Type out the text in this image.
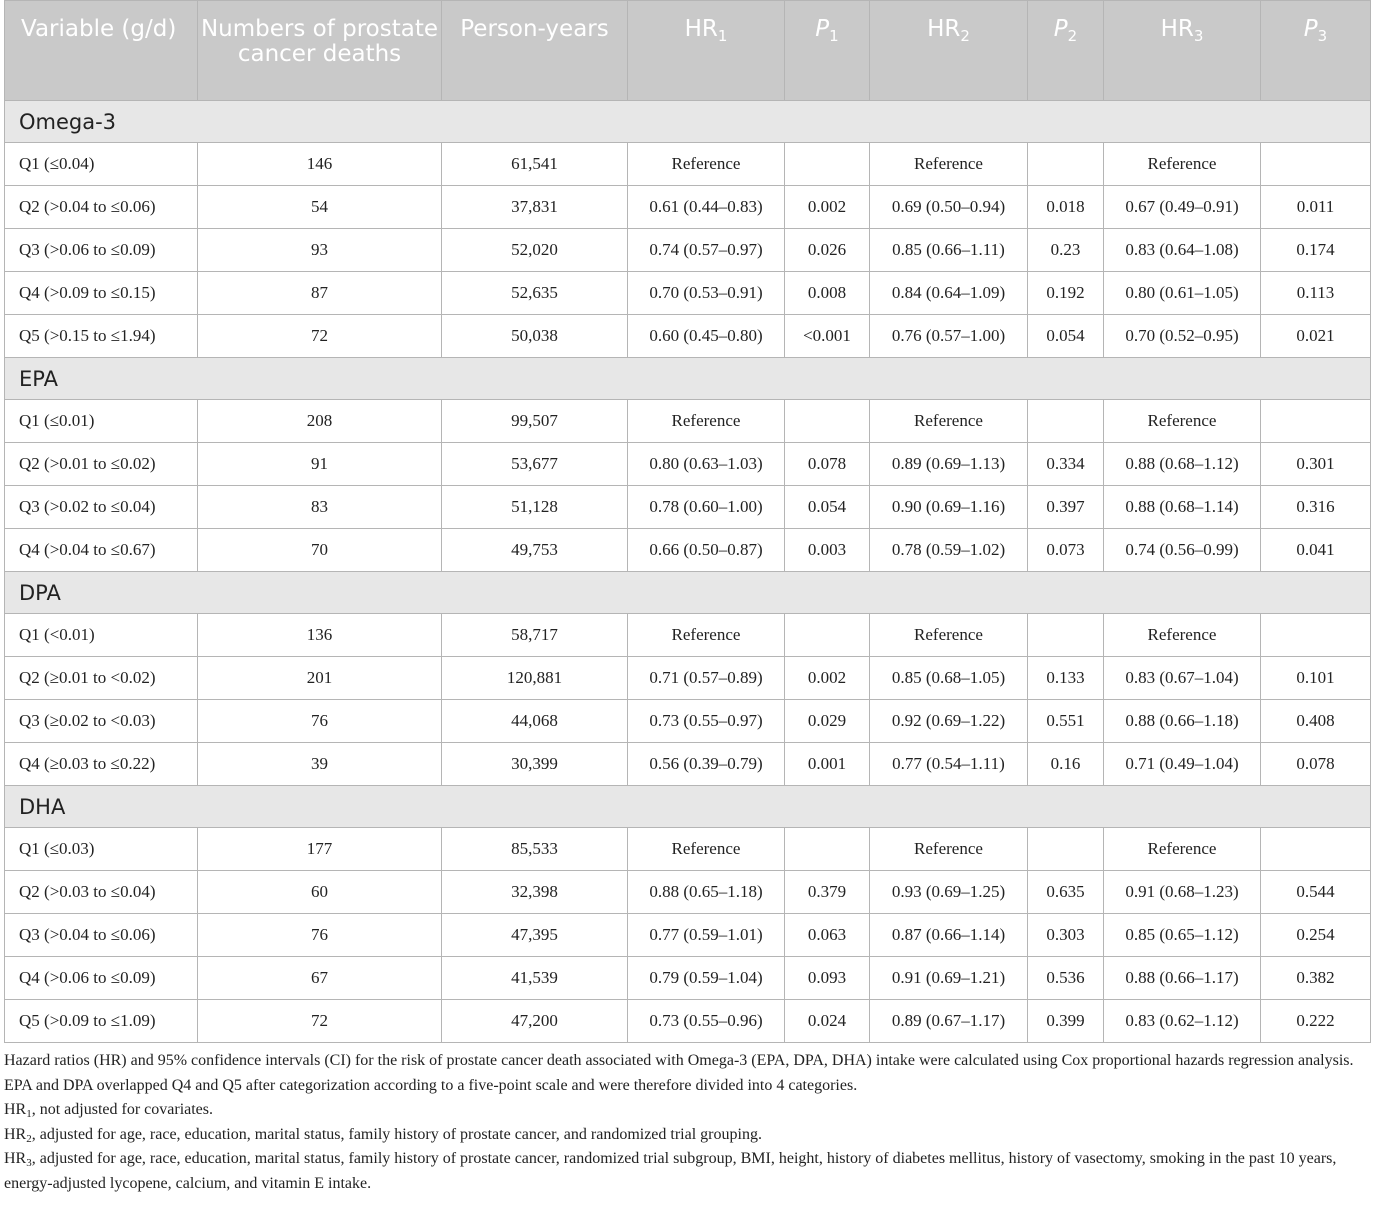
Variable (g/d)	Numbers of prostate cancer deaths	Person-years	$HR_1$	$P_1$	$HR_2$	$P_2$	$HR_3$	$P_3$
Omega-3								
Q1 (≤0.04)	146	61,541	Reference		Reference		Reference	
Q2 (>0.04 to ≤0.06)	54	37,831	0.61 (0.44–0.83)	0.002	0.69 (0.50–0.94)	0.018	0.67 (0.49–0.91)	0.011
Q3 (>0.06 to ≤0.09)	93	52,020	0.74 (0.57–0.97)	0.026	0.85 (0.66–1.11)	0.23	0.83 (0.64–1.08)	0.174
Q4 (>0.09 to ≤0.15)	87	52,635	0.70 (0.53–0.91)	0.008	0.84 (0.64–1.09)	0.192	0.80 (0.61–1.05)	0.113
Q5 (>0.15 to ≤1.94)	72	50,038	0.60 (0.45–0.80)	<0.001	0.76 (0.57–1.00)	0.054	0.70 (0.52–0.95)	0.021
EPA								
Q1 (≤0.01)	208	99,507	Reference		Reference		Reference	
Q2 (>0.01 to ≤0.02)	91	53,677	0.80 (0.63–1.03)	0.078	0.89 (0.69–1.13)	0.334	0.88 (0.68–1.12)	0.301
Q3 (>0.02 to ≤0.04)	83	51,128	0.78 (0.60–1.00)	0.054	0.90 (0.69–1.16)	0.397	0.88 (0.68–1.14)	0.316
Q4 (>0.04 to ≤0.67)	70	49,753	0.66 (0.50–0.87)	0.003	0.78 (0.59–1.02)	0.073	0.74 (0.56–0.99)	0.041
DPA								
Q1 (<0.01)	136	58,717	Reference		Reference		Reference	
Q2 (≥0.01 to <0.02)	201	120,881	0.71 (0.57–0.89)	0.002	0.85 (0.68–1.05)	0.133	0.83 (0.67–1.04)	0.101
Q3 (≥0.02 to <0.03)	76	44,068	0.73 (0.55–0.97)	0.029	0.92 (0.69–1.22)	0.551	0.88 (0.66–1.18)	0.408
Q4 (≥0.03 to ≤0.22)	39	30,399	0.56 (0.39–0.79)	0.001	0.77 (0.54–1.11)	0.16	0.71 (0.49–1.04)	0.078
DHA								
Q1 (≤0.03)	177	85,533	Reference		Reference		Reference	
Q2 (>0.03 to ≤0.04)	60	32,398	0.88 (0.65–1.18)	0.379	0.93 (0.69–1.25)	0.635	0.91 (0.68–1.23)	0.544
Q3 (>0.04 to ≤0.06)	76	47,395	0.77 (0.59–1.01)	0.063	0.87 (0.66–1.14)	0.303	0.85 (0.65–1.12)	0.254
Q4 (>0.06 to ≤0.09)	67	41,539	0.79 (0.59–1.04)	0.093	0.91 (0.69–1.21)	0.536	0.88 (0.66–1.17)	0.382
Q5 (>0.09 to ≤1.09)	72	47,200	0.73 (0.55–0.96)	0.024	0.89 (0.67–1.17)	0.399	0.83 (0.62–1.12)	0.222

Hazard ratios (HR) and 95% confidence intervals (CI) for the risk of prostate cancer death associated with Omega-3 (EPA, DPA, DHA) intake were calculated using Cox proportional hazards regression analysis.

EPA and DPA overlapped Q4 and Q5 after categorization according to a five-point scale and were therefore divided into 4 categories.

$HR_1$, not adjusted for covariates.

$HR_2$, adjusted for age, race, education, marital status, family history of prostate cancer, and randomized trial grouping.

$HR_3$, adjusted for age, race, education, marital status, family history of prostate cancer, randomized trial subgroup, BMI, height, history of diabetes mellitus, history of vasectomy, smoking in the past 10 years, energy-adjusted lycopene, calcium, and vitamin E intake.
